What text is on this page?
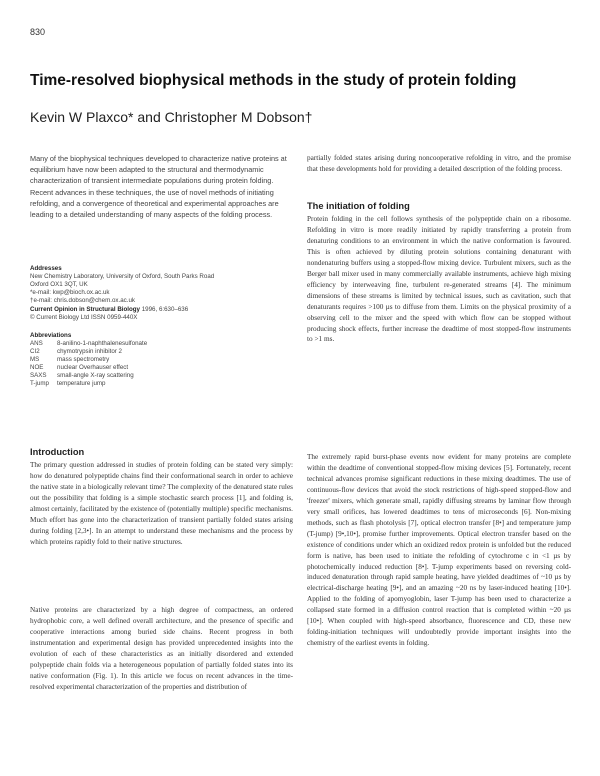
830
Time-resolved biophysical methods in the study of protein folding
Kevin W Plaxco* and Christopher M Dobson†
Many of the biophysical techniques developed to characterize native proteins at equilibrium have now been adapted to the structural and thermodynamic characterization of transient intermediate populations during protein folding. Recent advances in these techniques, the use of novel methods of initiating refolding, and a convergence of theoretical and experimental approaches are leading to a detailed understanding of many aspects of the folding process.
Addresses
New Chemistry Laboratory, University of Oxford, South Parks Road
Oxford OX1 3QT, UK
*e-mail: kwp@bioch.ox.ac.uk
†e-mail: chris.dobson@chem.ox.ac.uk
Current Opinion in Structural Biology 1996, 6:630–636
© Current Biology Ltd ISSN 0959-440X
Abbreviations
ANS	8-anilino-1-naphthalenesulfonate
CI2	chymotrypsin inhibitor 2
MS	mass spectrometry
NOE	nuclear Overhauser effect
SAXS	small-angle X-ray scattering
T-jump	temperature jump
Introduction

The primary question addressed in studies of protein folding can be stated very simply: how do denatured polypeptide chains find their conformational search in order to achieve the native state in a biologically relevant time? The complexity of the denatured state rules out the possibility that folding is a simple stochastic search process [1], and folding is, almost certainly, facilitated by the existence of (potentially multiple) specific mechanisms. Much effort has gone into the characterization of transient partially folded states arising during folding [2,3•]. In an attempt to understand these mechanisms and the process by which proteins rapidly fold to their native structures.

Native proteins are characterized by a high degree of compactness, an ordered hydrophobic core, a well defined overall architecture, and the presence of specific and cooperative interactions among buried side chains. Recent progress in both instrumentation and experimental design has provided unprecedented insights into the evolution of each of these characteristics as an initially disordered and extended polypeptide chain folds via a heterogeneous population of partially folded states into its native conformation (Fig. 1). In this article we focus on recent advances in the time-resolved experimental characterization of the properties and distribution of

partially folded states arising during noncooperative refolding in vitro, and the promise that these developments hold for providing a detailed description of the folding process.

The initiation of folding

Protein folding in the cell follows synthesis of the polypeptide chain on a ribosome. Refolding in vitro is more readily initiated by rapidly transferring a protein from denaturing conditions to an environment in which the native conformation is favoured. This is often achieved by diluting protein solutions containing denaturant with nondenaturing buffers using a stopped-flow mixing device. Turbulent mixers, such as the Berger ball mixer used in many commercially available instruments, achieve high mixing efficiency by interweaving fine, turbulent re-generated streams [4]. The minimum dimensions of these streams is limited by technical issues, such as cavitation, such that denaturants requires >100 µs to diffuse from them. Limits on the physical proximity of a observing cell to the mixer and the speed with which flow can be stopped without producing shock effects, further increase the deadtime of most stopped-flow instruments to >1 ms.

The extremely rapid burst-phase events now evident for many proteins are complete within the deadtime of conventional stopped-flow mixing devices [5]. Fortunately, recent technical advances promise significant reductions in these mixing deadtimes. The use of continuous-flow devices that avoid the stock restrictions of high-speed stopped-flow and 'freezer' mixers, which generate small, rapidly diffusing streams by laminar flow through very small orifices, has lowered deadtimes to tens of microseconds [6]. Non-mixing methods, such as flash photolysis [7], optical electron transfer [8•] and temperature jump (T-jump) [9•,10•], promise further improvements. Optical electron transfer based on the existence of conditions under which an oxidized redox protein is unfolded but the reduced form is native, has been used to initiate the refolding of cytochrome c in <1 µs by photochemically induced reduction [8•]. T-jump experiments based on reversing cold-induced denaturation through rapid sample heating, have yielded deadtimes of ~10 µs by electrical-discharge heating [9•], and an amazing ~20 ns by laser-induced heating [10•]. Applied to the folding of apomyoglobin, laser T-jump has been used to characterize a collapsed state formed in a diffusion control reaction that is completed within ~20 µs [10•]. When coupled with high-speed absorbance, fluorescence and CD, these new folding-initiation techniques will undoubtedly provide important insights into the chemistry of the earliest events in folding.
